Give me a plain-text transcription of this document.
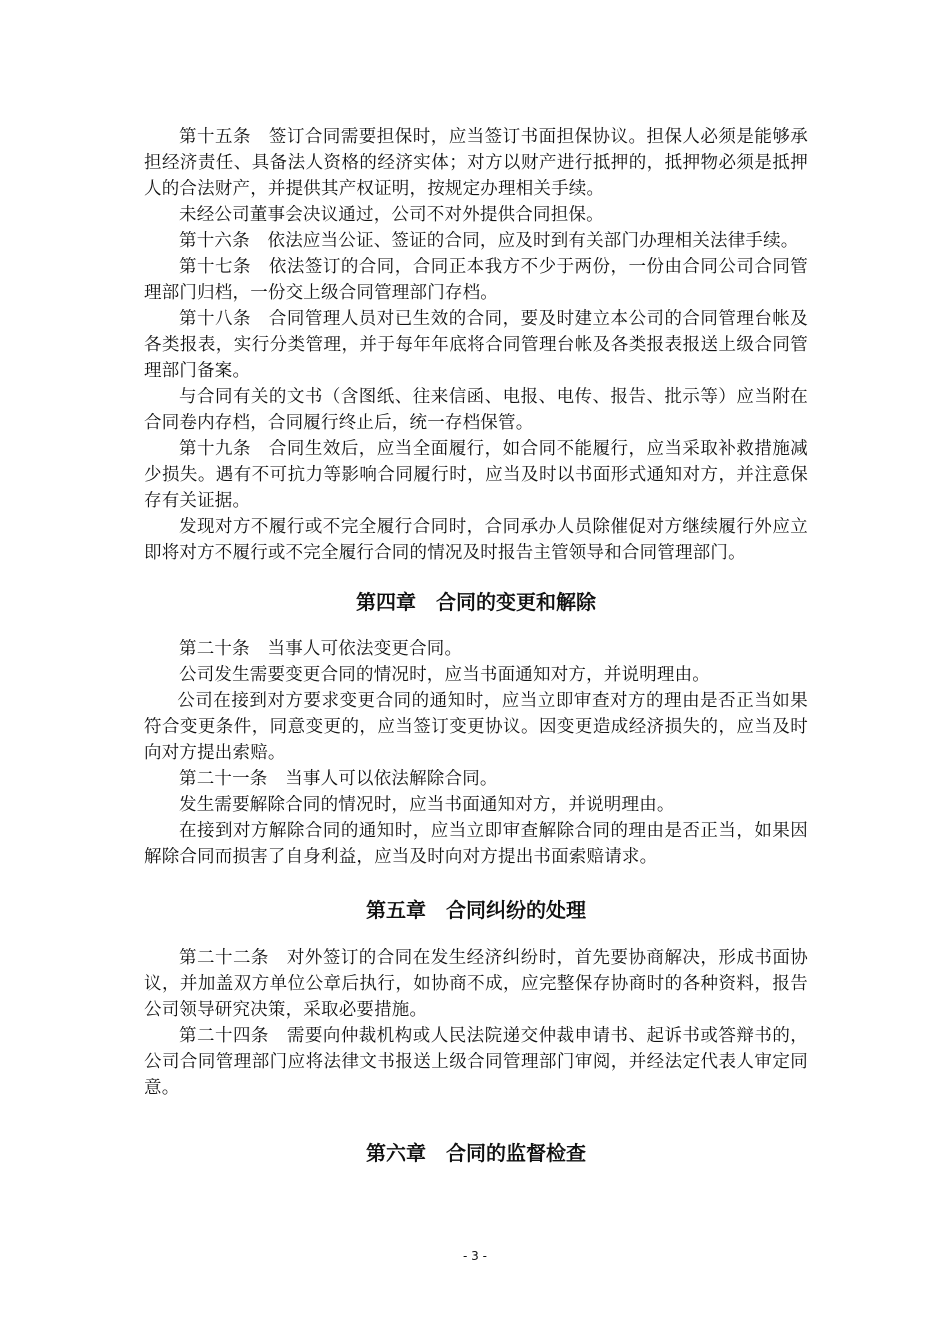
第十五条　签订合同需要担保时，应当签订书面担保协议。担保人必须是能够承担经济责任、具备法人资格的经济实体；对方以财产进行抵押的，抵押物必须是抵押人的合法财产，并提供其产权证明，按规定办理相关手续。

未经公司董事会决议通过，公司不对外提供合同担保。

第十六条　依法应当公证、签证的合同，应及时到有关部门办理相关法律手续。

第十七条　依法签订的合同，合同正本我方不少于两份，一份由合同公司合同管理部门归档，一份交上级合同管理部门存档。

第十八条　合同管理人员对已生效的合同，要及时建立本公司的合同管理台帐及各类报表，实行分类管理，并于每年年底将合同管理台帐及各类报表报送上级合同管理部门备案。

与合同有关的文书（含图纸、往来信函、电报、电传、报告、批示等）应当附在合同卷内存档，合同履行终止后，统一存档保管。

第十九条　合同生效后，应当全面履行，如合同不能履行，应当采取补救措施减少损失。遇有不可抗力等影响合同履行时，应当及时以书面形式通知对方，并注意保存有关证据。

发现对方不履行或不完全履行合同时，合同承办人员除催促对方继续履行外应立即将对方不履行或不完全履行合同的情况及时报告主管领导和合同管理部门。

第四章　合同的变更和解除

第二十条　当事人可依法变更合同。

公司发生需要变更合同的情况时，应当书面通知对方，并说明理由。

公司在接到对方要求变更合同的通知时，应当立即审查对方的理由是否正当如果符合变更条件，同意变更的，应当签订变更协议。因变更造成经济损失的，应当及时向对方提出索赔。

第二十一条　当事人可以依法解除合同。

发生需要解除合同的情况时，应当书面通知对方，并说明理由。

在接到对方解除合同的通知时，应当立即审查解除合同的理由是否正当，如果因解除合同而损害了自身利益，应当及时向对方提出书面索赔请求。

第五章　合同纠纷的处理

第二十二条　对外签订的合同在发生经济纠纷时，首先要协商解决，形成书面协议，并加盖双方单位公章后执行，如协商不成，应完整保存协商时的各种资料，报告公司领导研究决策，采取必要措施。

第二十四条　需要向仲裁机构或人民法院递交仲裁申请书、起诉书或答辩书的，公司合同管理部门应将法律文书报送上级合同管理部门审阅，并经法定代表人审定同意。

第六章　合同的监督检查
- 3 -
